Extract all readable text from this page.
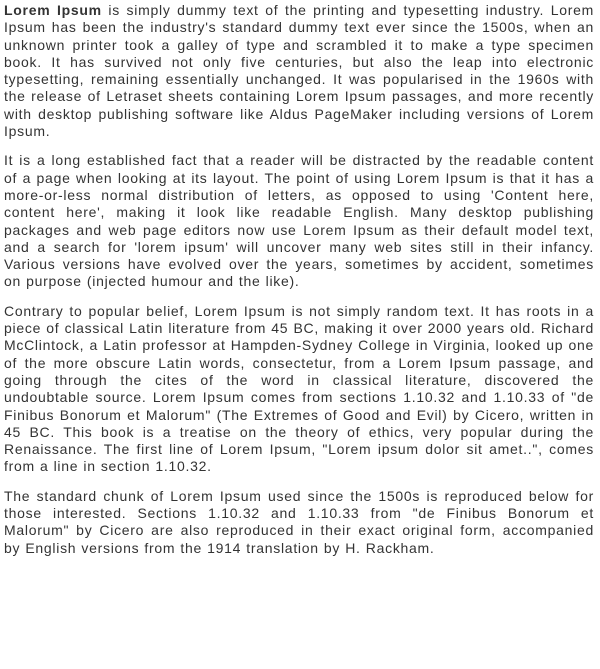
Lorem Ipsum is simply dummy text of the printing and typesetting industry. Lorem Ipsum has been the industry's standard dummy text ever since the 1500s, when an unknown printer took a galley of type and scrambled it to make a type specimen book. It has survived not only five centuries, but also the leap into electronic typesetting, remaining essentially unchanged. It was popularised in the 1960s with the release of Letraset sheets containing Lorem Ipsum passages, and more recently with desktop publishing software like Aldus PageMaker including versions of Lorem Ipsum.

It is a long established fact that a reader will be distracted by the readable content of a page when looking at its layout. The point of using Lorem Ipsum is that it has a more-or-less normal distribution of letters, as opposed to using 'Content here, content here', making it look like readable English. Many desktop publishing packages and web page editors now use Lorem Ipsum as their default model text, and a search for 'lorem ipsum' will uncover many web sites still in their infancy. Various versions have evolved over the years, sometimes by accident, sometimes on purpose (injected humour and the like).

Contrary to popular belief, Lorem Ipsum is not simply random text. It has roots in a piece of classical Latin literature from 45 BC, making it over 2000 years old. Richard McClintock, a Latin professor at Hampden-Sydney College in Virginia, looked up one of the more obscure Latin words, consectetur, from a Lorem Ipsum passage, and going through the cites of the word in classical literature, discovered the undoubtable source. Lorem Ipsum comes from sections 1.10.32 and 1.10.33 of "de Finibus Bonorum et Malorum" (The Extremes of Good and Evil) by Cicero, written in 45 BC. This book is a treatise on the theory of ethics, very popular during the Renaissance. The first line of Lorem Ipsum, "Lorem ipsum dolor sit amet..", comes from a line in section 1.10.32.

The standard chunk of Lorem Ipsum used since the 1500s is reproduced below for those interested. Sections 1.10.32 and 1.10.33 from "de Finibus Bonorum et Malorum" by Cicero are also reproduced in their exact original form, accompanied by English versions from the 1914 translation by H. Rackham.
